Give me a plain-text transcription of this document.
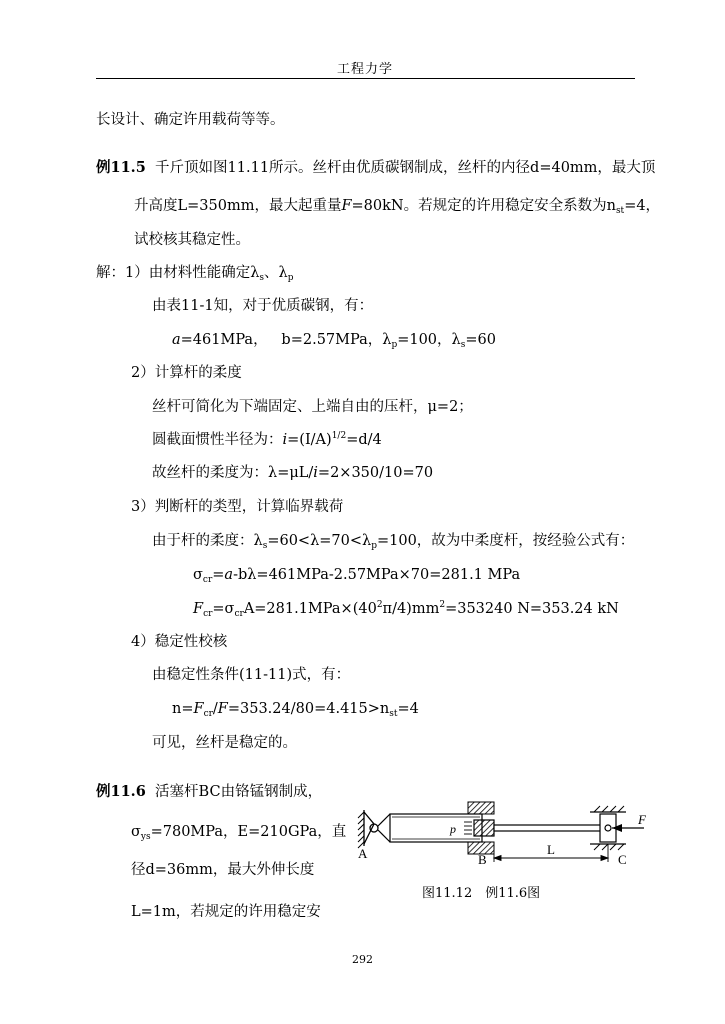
工程力学
长设计、确定许用载荷等等。
例11.5 千斤顶如图11.11所示。丝杆由优质碳钢制成，丝杆的内径d=40mm，最大顶
升高度L=350mm，最大起重量F=80kN。若规定的许用稳定安全系数为$n_{st}=4$，
试校核其稳定性。
解：1）由材料性能确定$\lambda_s$、$\lambda_p$
由表11-1知，对于优质碳钢，有：
a=461MPa， b=2.57MPa，$\lambda_p=100$，$\lambda_s=60$
2）计算杆的柔度
丝杆可简化为下端固定、上端自由的压杆，μ=2；
圆截面惯性半径为：$i=(I/A)^{1/2}=d/4$
故丝杆的柔度为：λ=μL/i=2×350/10=70
3）判断杆的类型，计算临界载荷
由于杆的柔度：$\lambda_s=60<\lambda=70<\lambda_p=100$，故为中柔度杆，按经验公式有：
$\sigma_{cr}=a-b\lambda=461MPa-2.57MPa\times 70=281.1$ MPa
$F_{cr}=\sigma_{cr}A=281.1MPa\times(40^2\pi/4)mm^2=353240$ N=353.24 kN
4）稳定性校核
由稳定性条件(11-11)式，有：
$n=F_{cr}/F=353.24/80=4.415>n_{st}=4$
可见，丝杆是稳定的。
例11.6 活塞杆BC由铬锰钢制成，
$\sigma_{ys}=780MPa$，E=210GPa，直
径d=36mm，最大外伸长度
L=1m，若规定的许用稳定安
p
F
L
A	B	C
图11.12　例11.6图
292
